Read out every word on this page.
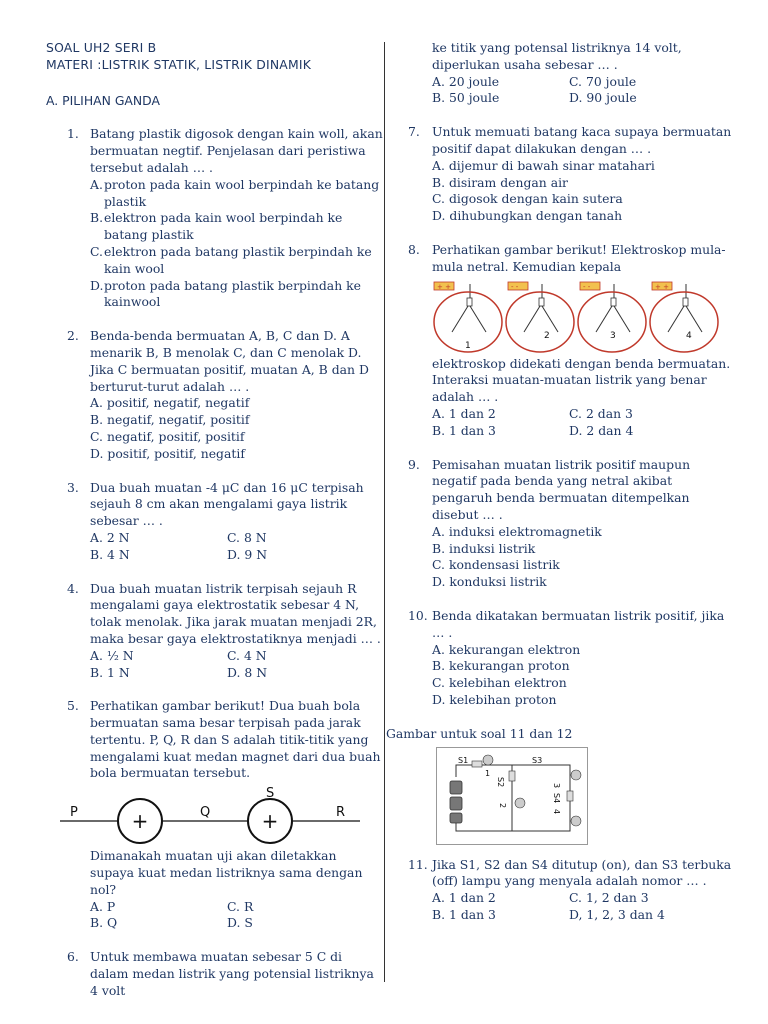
SOAL UH2 SERI B
MATERI :LISTRIK STATIK, LISTRIK DINAMIK
A. PILIHAN GANDA
1. Batang plastik digosok dengan kain woll, akan bermuatan negtif. Penjelasan dari peristiwa tersebut adalah … .
A. proton pada kain wool berpindah ke batang plastik
B. elektron pada kain wool berpindah ke batang plastik
C. elektron pada batang plastik berpindah ke kain wool
D. proton pada batang plastik berpindah ke kainwool
2. Benda-benda bermuatan A, B, C dan D. A menarik B, B menolak C, dan C menolak D. Jika C bermuatan positif, muatan A, B dan D berturut-turut adalah … .
A. positif, negatif, negatif
B. negatif, negatif, positif
C. negatif, positif, positif
D. positif, positif, negatif
3. Dua buah muatan -4 μC dan 16 μC terpisah sejauh 8 cm akan mengalami gaya listrik sebesar … .
A. 2 N	C. 8 N
B. 4 N	D. 9 N
4. Dua buah muatan listrik terpisah sejauh R mengalami gaya elektrostatik sebesar 4 N, tolak menolak. Jika jarak muatan menjadi 2R, maka besar gaya elektrostatiknya menjadi … .
A. ½ N	C. 4 N
B. 1 N	D. 8 N
5. Perhatikan gambar berikut! Dua buah bola bermuatan sama besar terpisah pada jarak tertentu. P, Q, R dan S adalah titik-titik yang mengalami kuat medan magnet dari dua buah bola bermuatan tersebut.
+	+
P	Q
S
R
Dimanakah muatan uji akan diletakkan supaya kuat medan listriknya sama dengan nol?
A. P	C. R
B. Q	D. S
6. Untuk membawa muatan sebesar 5 C di dalam medan listrik yang potensial listriknya 4 volt
ke titik yang potensal listriknya 14 volt, diperlukan usaha sebesar … .
A. 20 joule	C. 70 joule
B. 50 joule	D. 90 joule
7. Untuk memuati batang kaca supaya bermuatan positif dapat dilakukan dengan … .
A. dijemur di bawah sinar matahari
B. disiram dengan air
C. digosok dengan kain sutera
D. dihubungkan dengan tanah
8. Perhatikan gambar berikut! Elektroskop mula-mula netral. Kemudian kepala
+ +
1
- -
2
- -
3
+ +
4
elektroskop didekati dengan benda bermuatan. Interaksi muatan-muatan listrik yang benar adalah … .
A. 1 dan 2	C. 2 dan 3
B. 1 dan 3	D. 2 dan 4
9. Pemisahan muatan listrik positif maupun negatif pada benda yang netral akibat pengaruh benda bermuatan ditempelkan disebut … .
A. induksi elektromagnetik
B. induksi listrik
C. kondensasi listrik
D. konduksi listrik
10. Benda dikatakan bermuatan listrik positif, jika … .
A. kekurangan elektron
B. kekurangan proton
C. kelebihan elektron
D. kelebihan proton
Gambar untuk soal 11 dan 12
S1
1
S2
2
S3
3
S4
4
11. Jika S1, S2 dan S4 ditutup (on), dan S3 terbuka (off) lampu yang menyala adalah nomor … .
A. 1 dan 2	C. 1, 2 dan 3
B. 1 dan 3	D, 1, 2, 3 dan 4
